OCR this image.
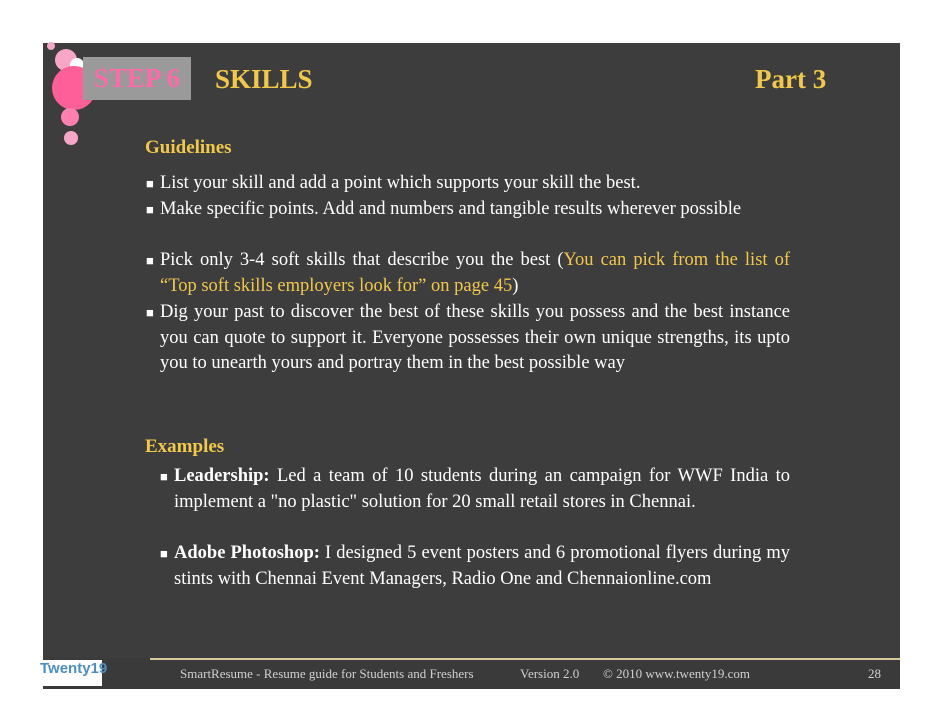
STEP 6	SKILLS	Part 3
Guidelines

■ List your skill and add a point which supports your skill the best.

■ Make specific points. Add and numbers and tangible results wherever possible

■ Pick only 3-4 soft skills that describe you the best (You can pick from the list of “Top soft skills employers look for” on page 45)

■ Dig your past to discover the best of these skills you possess and the best instance you can quote to support it. Everyone possesses their own unique strengths, its upto you to unearth yours and portray them in the best possible way

Examples

■ Leadership: Led a team of 10 students during an campaign for WWF India to implement a "no plastic" solution for 20 small retail stores in Chennai.

■ Adobe Photoshop: I designed 5 event posters and 6 promotional flyers during my stints with Chennai Event Managers, Radio One and Chennaionline.com

Twenty19	SmartResume - Resume guide for Students and Freshers	Version 2.0 © 2010 www.twenty19.com	28
